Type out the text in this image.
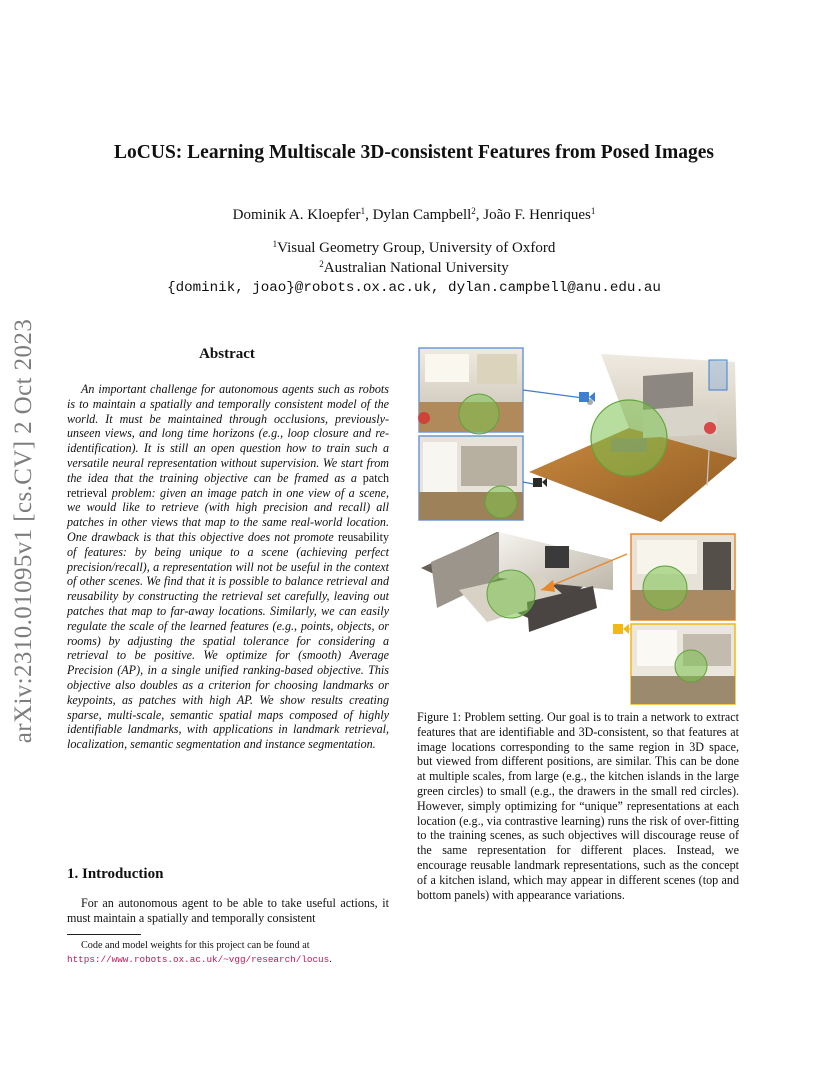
arXiv:2310.01095v1 [cs.CV] 2 Oct 2023
LoCUS: Learning Multiscale 3D-consistent Features from Posed Images
Dominik A. Kloepfer$^1$, Dylan Campbell$^2$, João F. Henriques$^1$
$^1$Visual Geometry Group, University of Oxford
$^2$Australian National University
{dominik, joao}@robots.ox.ac.uk, dylan.campbell@anu.edu.au
Abstract
An important challenge for autonomous agents such as robots is to maintain a spatially and temporally consistent model of the world. It must be maintained through occlusions, previously-unseen views, and long time horizons (e.g., loop closure and re-identification). It is still an open question how to train such a versatile neural representation without supervision. We start from the idea that the training objective can be framed as a patch retrieval problem: given an image patch in one view of a scene, we would like to retrieve (with high precision and recall) all patches in other views that map to the same real-world location. One drawback is that this objective does not promote reusability of features: by being unique to a scene (achieving perfect precision/recall), a representation will not be useful in the context of other scenes. We find that it is possible to balance retrieval and reusability by constructing the retrieval set carefully, leaving out patches that map to far-away locations. Similarly, we can easily regulate the scale of the learned features (e.g., points, objects, or rooms) by adjusting the spatial tolerance for considering a retrieval to be positive. We optimize for (smooth) Average Precision (AP), in a single unified ranking-based objective. This objective also doubles as a criterion for choosing landmarks or keypoints, as patches with high AP. We show results creating sparse, multi-scale, semantic spatial maps composed of highly identifiable landmarks, with applications in landmark retrieval, localization, semantic segmentation and instance segmentation.
1. Introduction
For an autonomous agent to be able to take useful actions, it must maintain a spatially and temporally consistent
Code and model weights for this project can be found at https://www.robots.ox.ac.uk/~vgg/research/locus.
Figure 1: Problem setting. Our goal is to train a network to extract features that are identifiable and 3D-consistent, so that features at image locations corresponding to the same region in 3D space, but viewed from different positions, are similar. This can be done at multiple scales, from large (e.g., the kitchen islands in the large green circles) to small (e.g., the drawers in the small red circles). However, simply optimizing for “unique” representations at each location (e.g., via contrastive learning) runs the risk of over-fitting to the training scenes, as such objectives will discourage reuse of the same representation for different places. Instead, we encourage reusable landmark representations, such as the concept of a kitchen island, which may appear in different scenes (top and bottom panels) with appearance variations.
